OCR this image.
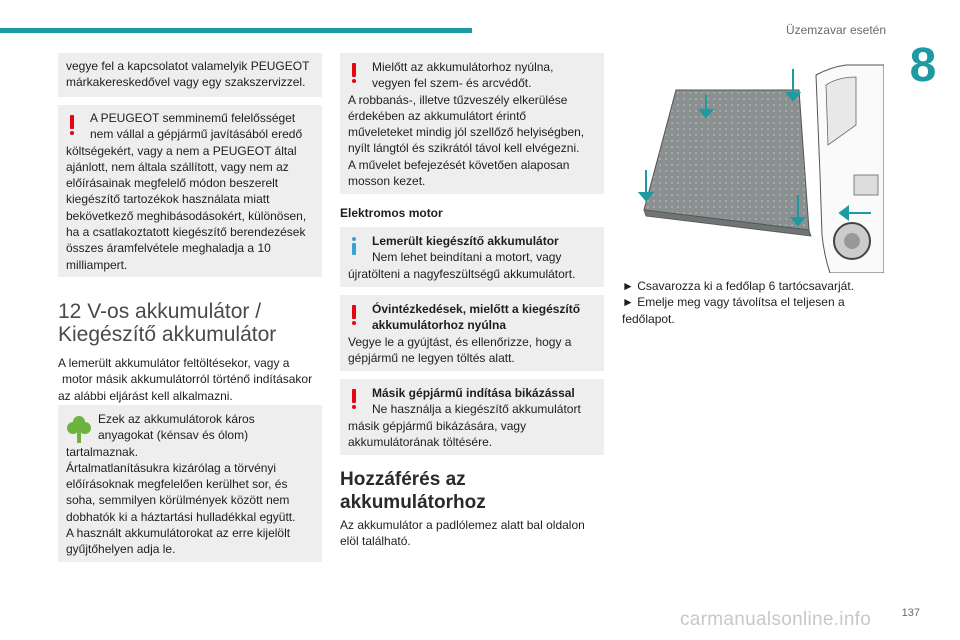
Üzemzavar esetén
8

vegye fel a kapcsolatot valamelyik PEUGEOT

márkakereskedővel vagy egy szakszervizzel.

A PEUGEOT semminemű felelősséget

nem vállal a gépjármű javításából eredő

költségekért, vagy a nem a PEUGEOT által

ajánlott, nem általa szállított, vagy nem az

előírásainak megfelelő módon beszerelt

kiegészítő tartozékok használata miatt

bekövetkező meghibásodásokért, különösen,

ha a csatlakoztatott kiegészítő berendezések

összes áramfelvétele meghaladja a 10

milliampert.

12 V-os akkumulátor /
Kiegészítő akkumulátor

A lemerült akkumulátor feltöltésekor, vagy a

motor másik akkumulátorról történő indításakor

az alábbi eljárást kell alkalmazni.

Ezek az akkumulátorok káros

anyagokat (kénsav és ólom)

tartalmaznak.

Ártalmatlanításukra kizárólag a törvényi

előírásoknak megfelelően kerülhet sor, és

soha, semmilyen körülmények között nem

dobhatók ki a háztartási hulladékkal együtt.

A használt akkumulátorokat az erre kijelölt

gyűjtőhelyen adja le.

Mielőtt az akkumulátorhoz nyúlna,

vegyen fel szem- és arcvédőt.

A robbanás-, illetve tűzveszély elkerülése

érdekében az akkumulátort érintő

műveleteket mindig jól szellőző helyiségben,

nyílt lángtól és szikrától távol kell elvégezni.

A művelet befejezését követően alaposan

mosson kezet.

Elektromos motor

Lemerült kiegészítő akkumulátor

Nem lehet beindítani a motort, vagy

újratölteni a nagyfeszültségű akkumulátort.

Óvintézkedések, mielőtt a kiegészítő

akkumulátorhoz nyúlna

Vegye le a gyújtást, és ellenőrizze, hogy a

gépjármű ne legyen töltés alatt.

Másik gépjármű indítása bikázással

Ne használja a kiegészítő akkumulátort

másik gépjármű bikázására, vagy

akkumulátorának töltésére.

Hozzáférés az
akkumulátorhoz

Az akkumulátor a padlólemez alatt bal oldalon

elöl található.

► Csavarozza ki a fedőlap 6 tartócsavarját.

► Emelje meg vagy távolítsa el teljesen a

fedőlapot.

137
carmanualsonline.info
